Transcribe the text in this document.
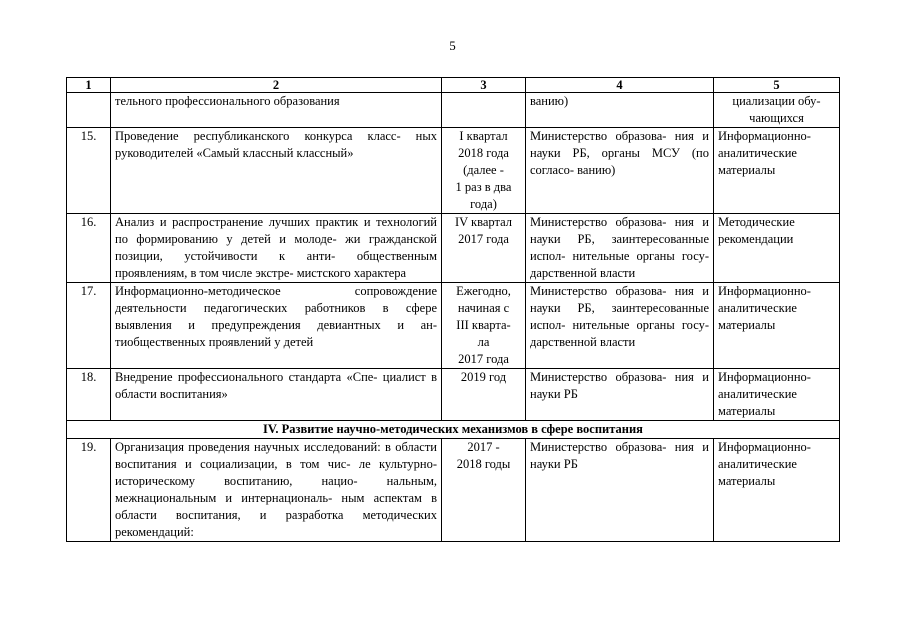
5
1	2	3	4	5
	тельного профессионального образования		ванию)	циализации обу- чающихся
15.	Проведение республиканского конкурса класс- ных руководителей «Самый классный классный»	I квартал
2018 года
(далее -
1 раз в два
года)	Министерство образова- ния и науки РБ, органы МСУ (по согласо- ванию)	Информационно- аналитические материалы
16.	Анализ и распространение лучших практик и технологий по формированию у детей и молоде- жи гражданской позиции, устойчивости к анти- общественным проявлениям, в том числе экстре- мистского характера	IV квартал
2017 года	Министерство образова- ния и науки РБ, заинтересованные испол- нительные органы госу- дарственной власти	Методические рекомендации
17.	Информационно-методическое сопровождение деятельности педагогических работников в сфере выявления и предупреждения девиантных и ан- тиобщественных проявлений у детей	Ежегодно,
начиная с
III кварта-
ла
2017 года	Министерство образова- ния и науки РБ, заинтересованные испол- нительные органы госу- дарственной власти	Информационно- аналитические материалы
18.	Внедрение профессионального стандарта «Спе- циалист в области воспитания»	2019 год	Министерство образова- ния и науки РБ	Информационно- аналитические материалы
IV. Развитие научно-методических механизмов в сфере воспитания				
19.	Организация проведения научных исследований: в области воспитания и социализации, в том чис- ле культурно-историческому воспитанию, нацио- нальным, межнациональным и интернациональ- ным аспектам в области воспитания, и разработка методических рекомендаций:	2017 -
2018 годы	Министерство образова- ния и науки РБ	Информационно- аналитические материалы
